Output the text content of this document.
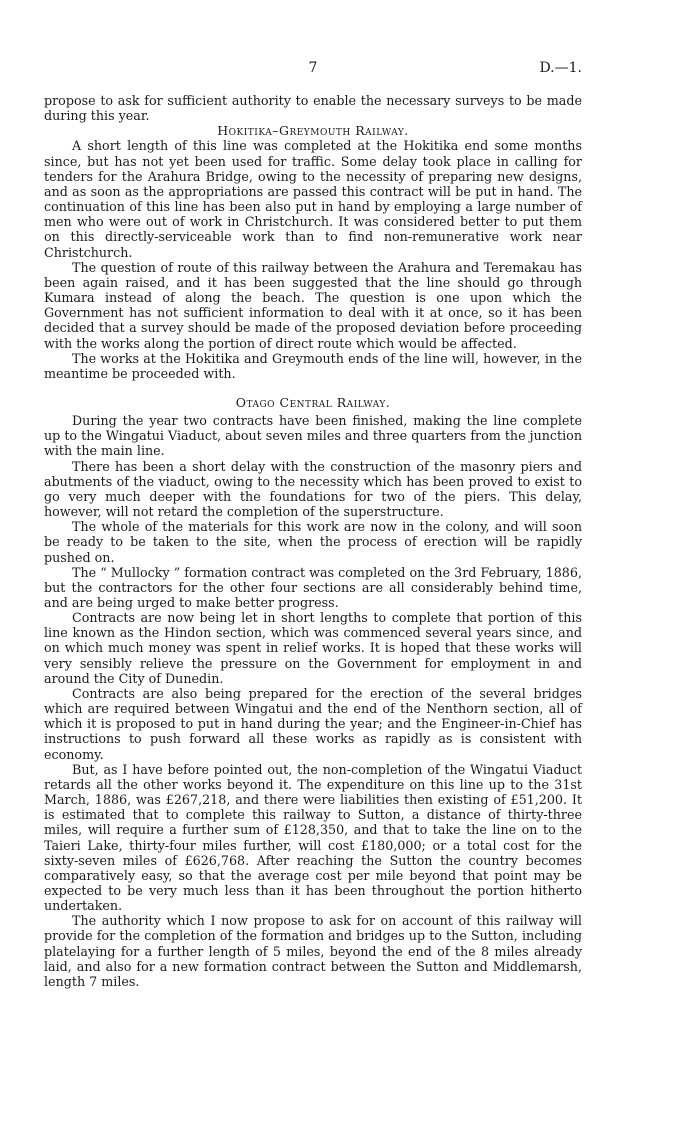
7	D.—1.

propose to ask for sufficient authority to enable the necessary surveys to be made during this year.

Hokitika–Greymouth Railway.

A short length of this line was completed at the Hokitika end some months since, but has not yet been used for traffic. Some delay took place in calling for tenders for the Arahura Bridge, owing to the necessity of preparing new designs, and as soon as the appropriations are passed this contract will be put in hand. The continuation of this line has been also put in hand by employing a large number of men who were out of work in Christchurch. It was considered better to put them on this directly-serviceable work than to find non-remunerative work near Christchurch.

The question of route of this railway between the Arahura and Teremakau has been again raised, and it has been suggested that the line should go through Kumara instead of along the beach. The question is one upon which the Government has not sufficient information to deal with it at once, so it has been decided that a survey should be made of the proposed deviation before proceeding with the works along the portion of direct route which would be affected.

The works at the Hokitika and Greymouth ends of the line will, however, in the meantime be proceeded with.

Otago Central Railway.

During the year two contracts have been finished, making the line complete up to the Wingatui Viaduct, about seven miles and three quarters from the junction with the main line.

There has been a short delay with the construction of the masonry piers and abutments of the viaduct, owing to the necessity which has been proved to exist to go very much deeper with the foundations for two of the piers. This delay, however, will not retard the completion of the superstructure.

The whole of the materials for this work are now in the colony, and will soon be ready to be taken to the site, when the process of erection will be rapidly pushed on.

The “ Mullocky ” formation contract was completed on the 3rd February, 1886, but the contractors for the other four sections are all considerably behind time, and are being urged to make better progress.

Contracts are now being let in short lengths to complete that portion of this line known as the Hindon section, which was commenced several years since, and on which much money was spent in relief works. It is hoped that these works will very sensibly relieve the pressure on the Government for employment in and around the City of Dunedin.

Contracts are also being prepared for the erection of the several bridges which are required between Wingatui and the end of the Nenthorn section, all of which it is proposed to put in hand during the year; and the Engineer-in-Chief has instructions to push forward all these works as rapidly as is consistent with economy.

But, as I have before pointed out, the non-completion of the Wingatui Viaduct retards all the other works beyond it. The expenditure on this line up to the 31st March, 1886, was £267,218, and there were liabilities then existing of £51,200. It is estimated that to complete this railway to Sutton, a distance of thirty-three miles, will require a further sum of £128,350, and that to take the line on to the Taieri Lake, thirty-four miles further, will cost £180,000; or a total cost for the sixty-seven miles of £626,768. After reaching the Sutton the country becomes comparatively easy, so that the average cost per mile beyond that point may be expected to be very much less than it has been throughout the portion hitherto undertaken.

The authority which I now propose to ask for on account of this railway will provide for the completion of the formation and bridges up to the Sutton, including platelaying for a further length of 5 miles, beyond the end of the 8 miles already laid, and also for a new formation contract between the Sutton and Middlemarsh, length 7 miles.
